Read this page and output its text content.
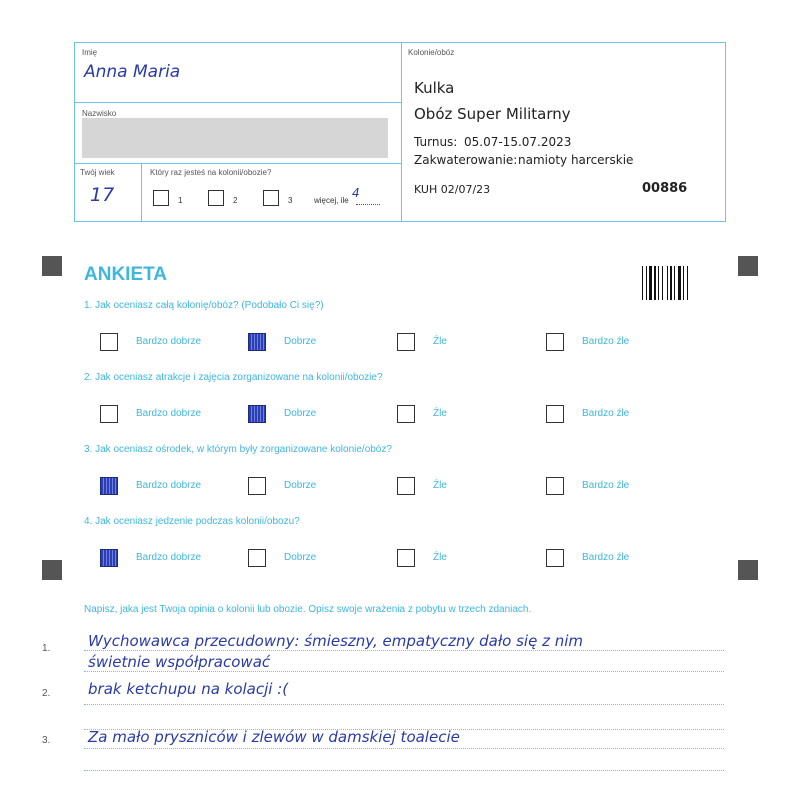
Imię
Anna Maria
Nazwisko
Twój wiek
17
Który raz jesteś na kolonii/obozie?
1	2	3	więcej, ile
4
Kolonie/obóz
Kulka
Obóz Super Militarny
Turnus: 05.07-15.07.2023
Zakwaterowanie: namioty harcerskie
KUH 02/07/23	00886
ANKIETA
1. Jak oceniasz całą kolonię/obóz? (Podobało Ci się?)
Bardzo dobrze	Dobrze	Źle	Bardzo źle
2. Jak oceniasz atrakcje i zajęcia zorganizowane na kolonii/obozie?
Bardzo dobrze	Dobrze	Źle	Bardzo źle
3. Jak oceniasz ośrodek, w którym były zorganizowane kolonie/obóz?
Bardzo dobrze	Dobrze	Źle	Bardzo źle
4. Jak oceniasz jedzenie podczas kolonii/obozu?
Bardzo dobrze	Dobrze	Źle	Bardzo źle
Napisz, jaka jest Twoja opinia o kolonii lub obozie. Opisz swoje wrażenia z pobytu w trzech zdaniach.
1.
2.
3.
Wychowawca przecudowny: śmieszny, empatyczny dało się z nim
świetnie współpracować
brak ketchupu na kolacji :(
Za mało pryszniców i zlewów w damskiej toalecie
